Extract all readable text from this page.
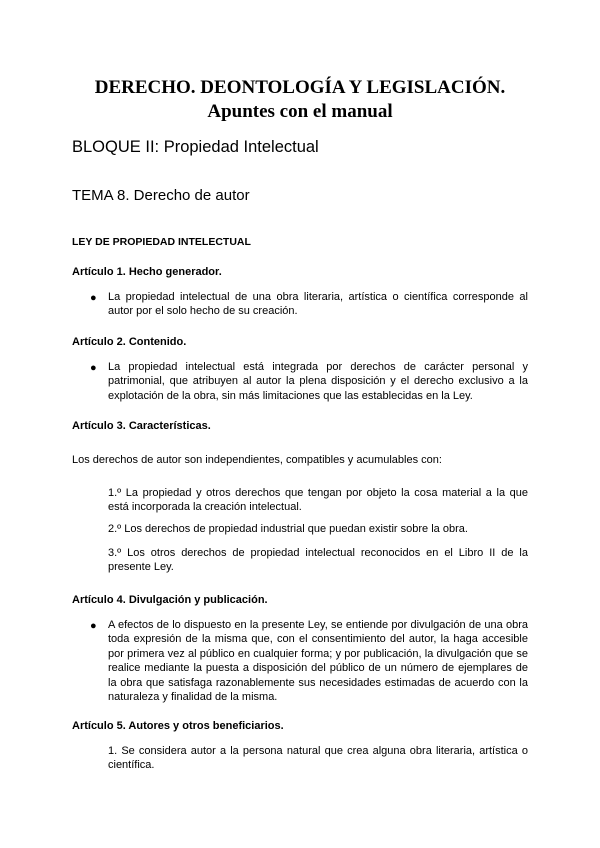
DERECHO. DEONTOLOGÍA Y LEGISLACIÓN.

Apuntes con el manual

BLOQUE II: Propiedad Intelectual

TEMA 8. Derecho de autor

LEY DE PROPIEDAD INTELECTUAL

Artículo 1. Hecho generador.

● La propiedad intelectual de una obra literaria, artística o científica corresponde al autor por el solo hecho de su creación.

Artículo 2. Contenido.

● La propiedad intelectual está integrada por derechos de carácter personal y patrimonial, que atribuyen al autor la plena disposición y el derecho exclusivo a la explotación de la obra, sin más limitaciones que las establecidas en la Ley.

Artículo 3. Características.

Los derechos de autor son independientes, compatibles y acumulables con:

1.º La propiedad y otros derechos que tengan por objeto la cosa material a la que está incorporada la creación intelectual.

2.º Los derechos de propiedad industrial que puedan existir sobre la obra.

3.º Los otros derechos de propiedad intelectual reconocidos en el Libro II de la presente Ley.

Artículo 4. Divulgación y publicación.

● A efectos de lo dispuesto en la presente Ley, se entiende por divulgación de una obra toda expresión de la misma que, con el consentimiento del autor, la haga accesible por primera vez al público en cualquier forma; y por publicación, la divulgación que se realice mediante la puesta a disposición del público de un número de ejemplares de la obra que satisfaga razonablemente sus necesidades estimadas de acuerdo con la naturaleza y finalidad de la misma.

Artículo 5. Autores y otros beneficiarios.

1. Se considera autor a la persona natural que crea alguna obra literaria, artística o científica.
